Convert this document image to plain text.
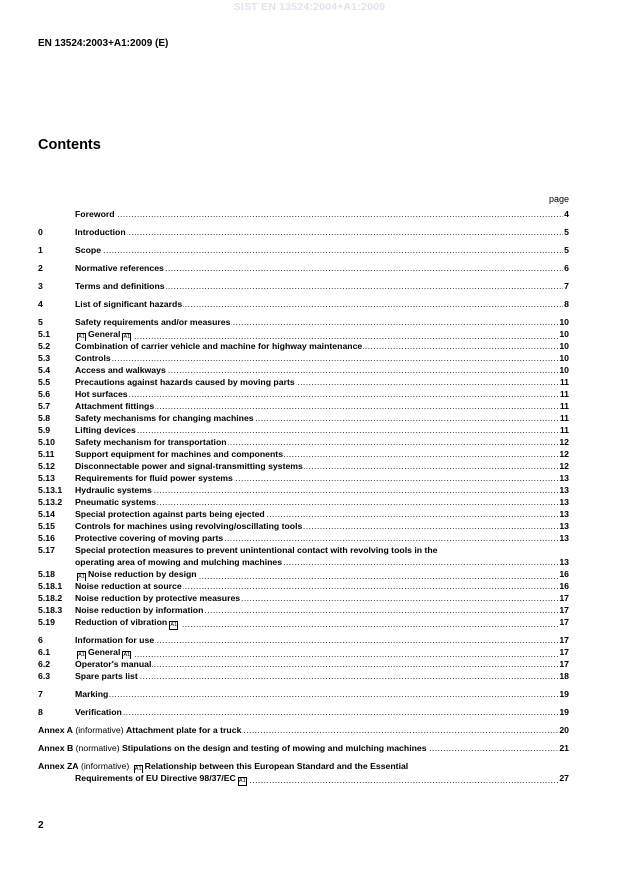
SIST EN 13524:2004+A1:2009
EN 13524:2003+A1:2009 (E)
Contents
page
Foreword .....	4
0	Introduction .....	5
1	Scope .....	5
2	Normative references .....	6
3	Terms and definitions .....	7
4	List of significant hazards .....	8
5	Safety requirements and/or measures .....	10
5.1	A1 General A1 .....	10
5.2	Combination of carrier vehicle and machine for highway maintenance .....	10
5.3	Controls .....	10
5.4	Access and walkways .....	10
5.5	Precautions against hazards caused by moving parts .....	11
5.6	Hot surfaces .....	11
5.7	Attachment fittings .....	11
5.8	Safety mechanisms for changing machines .....	11
5.9	Lifting devices .....	11
5.10	Safety mechanism for transportation .....	12
5.11	Support equipment for machines and components .....	12
5.12	Disconnectable power and signal-transmitting systems .....	12
5.13	Requirements for fluid power systems .....	13
5.13.1	Hydraulic systems .....	13
5.13.2	Pneumatic systems .....	13
5.14	Special protection against parts being ejected .....	13
5.15	Controls for machines using revolving/oscillating tools .....	13
5.16	Protective covering of moving parts .....	13
5.17	Special protection measures to prevent unintentional contact with revolving tools in the
operating area of mowing and mulching machines .....	13
5.18	A1 Noise reduction by design .....	16
5.18.1	Noise reduction at source .....	16
5.18.2	Noise reduction by protective measures .....	17
5.18.3	Noise reduction by information .....	17
5.19	Reduction of vibration A1 .....	17
6	Information for use .....	17
6.1	A1 General A1 .....	17
6.2	Operator's manual .....	17
6.3	Spare parts list .....	18
7	Marking .....	19
8	Verification .....	19
Annex A (informative) Attachment plate for a truck .....	20
Annex B (normative) Stipulations on the design and testing of mowing and mulching machines .....	21
Annex ZA (informative) A1 Relationship between this European Standard and the Essential
Requirements of EU Directive 98/37/EC A1 .....	27
2
